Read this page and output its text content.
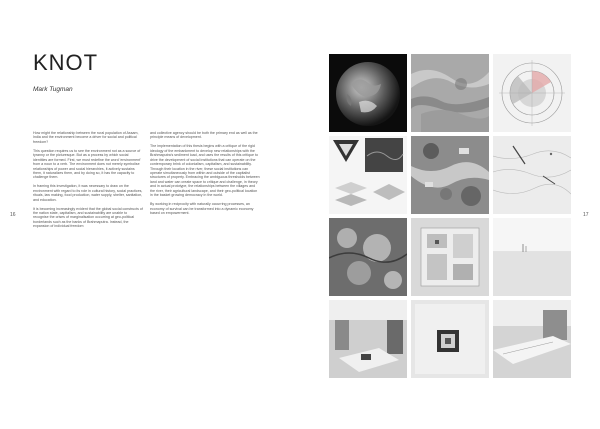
KNOT
Mark Tugman

How might the relationship between the rural population of Assam, India and the environment become a driver for social and political freedom?

This question requires us to see the environment not as a source of tyranny or the picturesque. But as a process by which social identities are formed. First, we must redefine the word 'environment' from a noun to a verb. The environment does not merely symbolise relationships of power and social hierarchies, it actively sustains them, it naturalizes them, and by doing so, it has the capacity to challenge them.

In framing this investigation, it was necessary to draw on the environment with regard to its role in cultural history, social practices, rituals, law making, food production, water supply, shelter, sanitation, and education.

It is becoming increasingly evident that the global social constructs of the nation state, capitalism, and sustainability are unable to recognise the crises of marginalisation occurring at geo-political borderlands such as the banks of Brahmaputra. Instead, the expansion of individual freedom

and collective agency should be both the primary end as well as the principle means of development.

The implementation of this thesis begins with a critique of the rigid ideology of the embankment to develop new relationships with the Brahmaputra's sediment load, and uses the results of this critique to drive the development of social institutions that can operate on the contemporary brink of colonialism, capitalism, and sustainability. Through their location in the river, these social institutions can operate simultaneously from within and outside of the capitalist structures of property. Embracing the ambiguous thresholds between land and water can create space to critique and challenge, in theory and in actual prototype, the relationships between the villages and the river, their agricultural landscape, and their geo-political location in the basket growing democracy in the world.

By working in reciprocity with naturally occurring processes, an economy of survival can be transformed into a dynamic economy based on empowerment.

16	17
